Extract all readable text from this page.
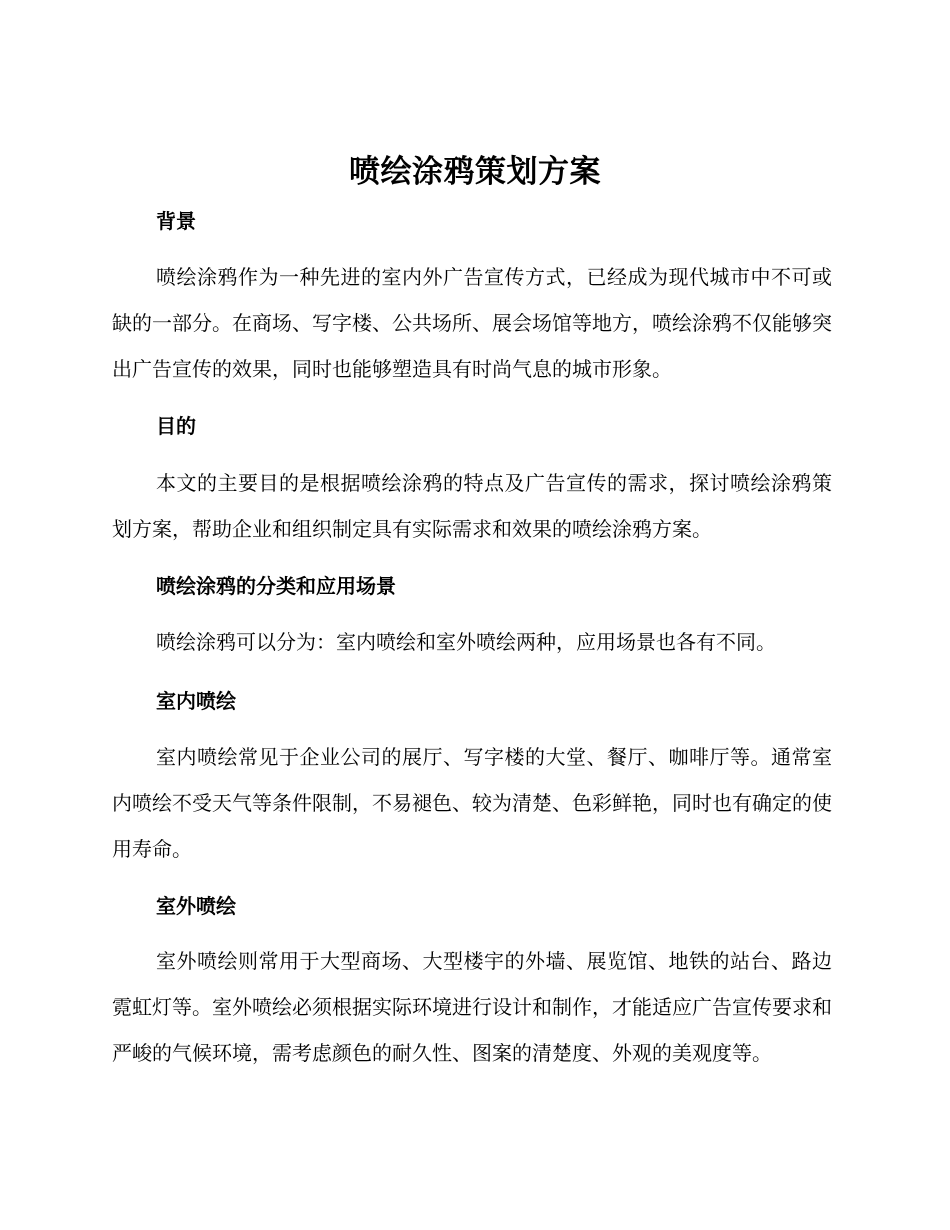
喷绘涂鸦策划方案
背景
喷绘涂鸦作为一种先进的室内外广告宣传方式，已经成为现代城市中不可或缺的一部分。在商场、写字楼、公共场所、展会场馆等地方，喷绘涂鸦不仅能够突出广告宣传的效果，同时也能够塑造具有时尚气息的城市形象。
目的
本文的主要目的是根据喷绘涂鸦的特点及广告宣传的需求，探讨喷绘涂鸦策划方案，帮助企业和组织制定具有实际需求和效果的喷绘涂鸦方案。
喷绘涂鸦的分类和应用场景
喷绘涂鸦可以分为：室内喷绘和室外喷绘两种，应用场景也各有不同。
室内喷绘
室内喷绘常见于企业公司的展厅、写字楼的大堂、餐厅、咖啡厅等。通常室内喷绘不受天气等条件限制，不易褪色、较为清楚、色彩鲜艳，同时也有确定的使用寿命。
室外喷绘
室外喷绘则常用于大型商场、大型楼宇的外墙、展览馆、地铁的站台、路边霓虹灯等。室外喷绘必须根据实际环境进行设计和制作，才能适应广告宣传要求和严峻的气候环境，需考虑颜色的耐久性、图案的清楚度、外观的美观度等。
